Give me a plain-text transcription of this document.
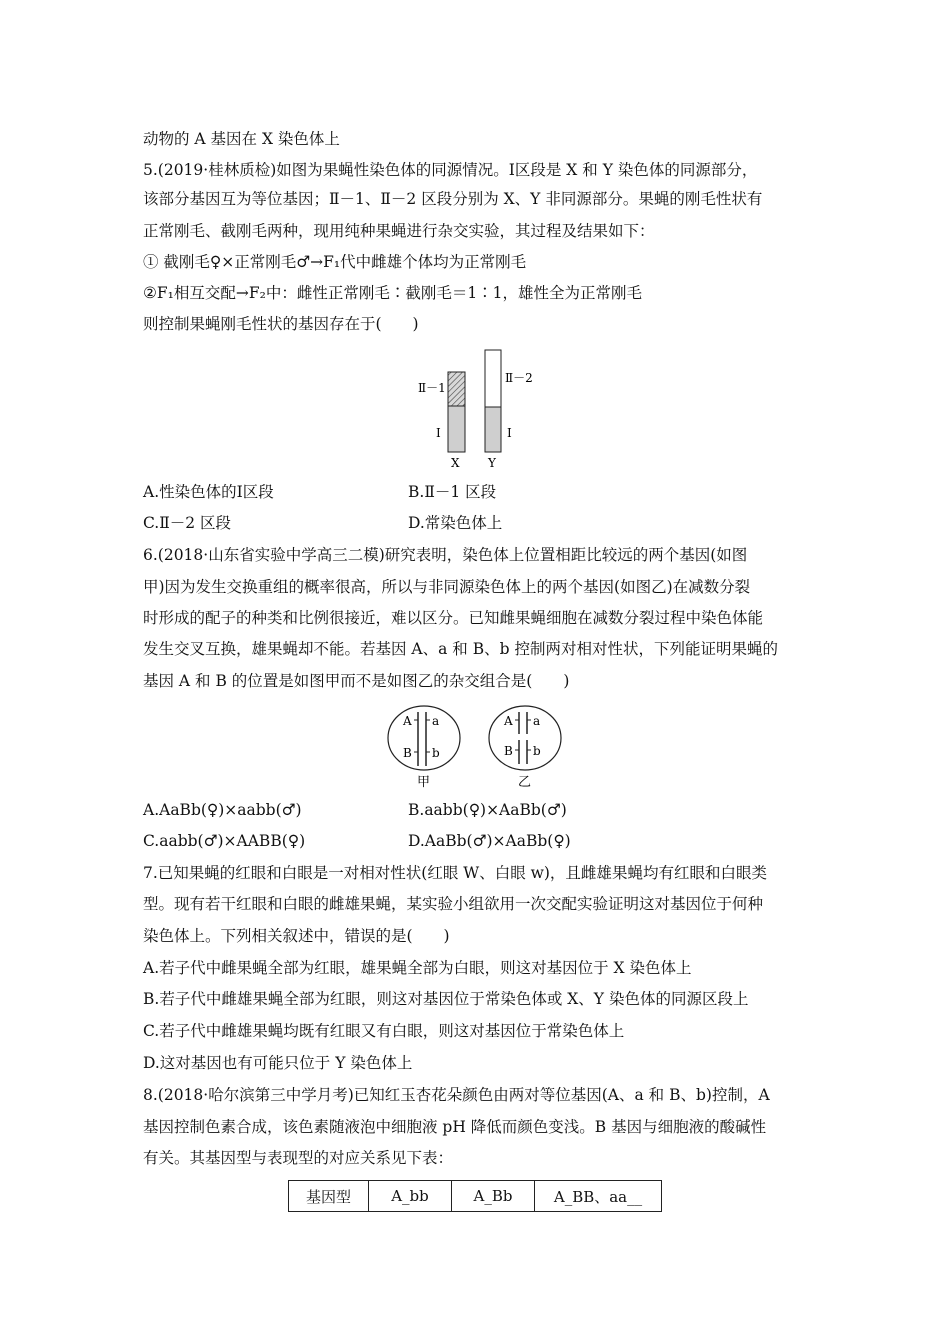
动物的 A 基因在 X 染色体上
5.(2019·桂林质检)如图为果蝇性染色体的同源情况。Ⅰ区段是 X 和 Y 染色体的同源部分，
该部分基因互为等位基因；Ⅱ－1、Ⅱ－2 区段分别为 X、Y 非同源部分。果蝇的刚毛性状有
正常刚毛、截刚毛两种，现用纯种果蝇进行杂交实验，其过程及结果如下：
① 截刚毛♀×正常刚毛♂→F₁代中雌雄个体均为正常刚毛
②F₁相互交配→F₂中：雌性正常刚毛∶截刚毛＝1∶1，雄性全为正常刚毛
则控制果蝇刚毛性状的基因存在于(　　)
Ⅱ－1
Ⅱ－2
Ⅰ	Ⅰ
X Y
A.性染色体的Ⅰ区段	B.Ⅱ－1 区段
C.Ⅱ－2 区段	D.常染色体上
6.(2018·山东省实验中学高三二模)研究表明，染色体上位置相距比较远的两个基因(如图
甲)因为发生交换重组的概率很高，所以与非同源染色体上的两个基因(如图乙)在减数分裂
时形成的配子的种类和比例很接近，难以区分。已知雌果蝇细胞在减数分裂过程中染色体能
发生交叉互换，雄果蝇却不能。若基因 A、a 和 B、b 控制两对相对性状，下列能证明果蝇的
基因 A 和 B 的位置是如图甲而不是如图乙的杂交组合是(　　)
A a
B b
甲
A a
B b
乙
A.AaBb(♀)×aabb(♂)	B.aabb(♀)×AaBb(♂)
C.aabb(♂)×AABB(♀)	D.AaBb(♂)×AaBb(♀)
7.已知果蝇的红眼和白眼是一对相对性状(红眼 W、白眼 w)，且雌雄果蝇均有红眼和白眼类
型。现有若干红眼和白眼的雌雄果蝇，某实验小组欲用一次交配实验证明这对基因位于何种
染色体上。下列相关叙述中，错误的是(　　)
A.若子代中雌果蝇全部为红眼，雄果蝇全部为白眼，则这对基因位于 X 染色体上
B.若子代中雌雄果蝇全部为红眼，则这对基因位于常染色体或 X、Y 染色体的同源区段上
C.若子代中雌雄果蝇均既有红眼又有白眼，则这对基因位于常染色体上
D.这对基因也有可能只位于 Y 染色体上
8.(2018·哈尔滨第三中学月考)已知红玉杏花朵颜色由两对等位基因(A、a 和 B、b)控制，A
基因控制色素合成，该色素随液泡中细胞液 pH 降低而颜色变浅。B 基因与细胞液的酸碱性
有关。其基因型与表现型的对应关系见下表：
基因型	A_bb	A_Bb	A_BB、aa__
